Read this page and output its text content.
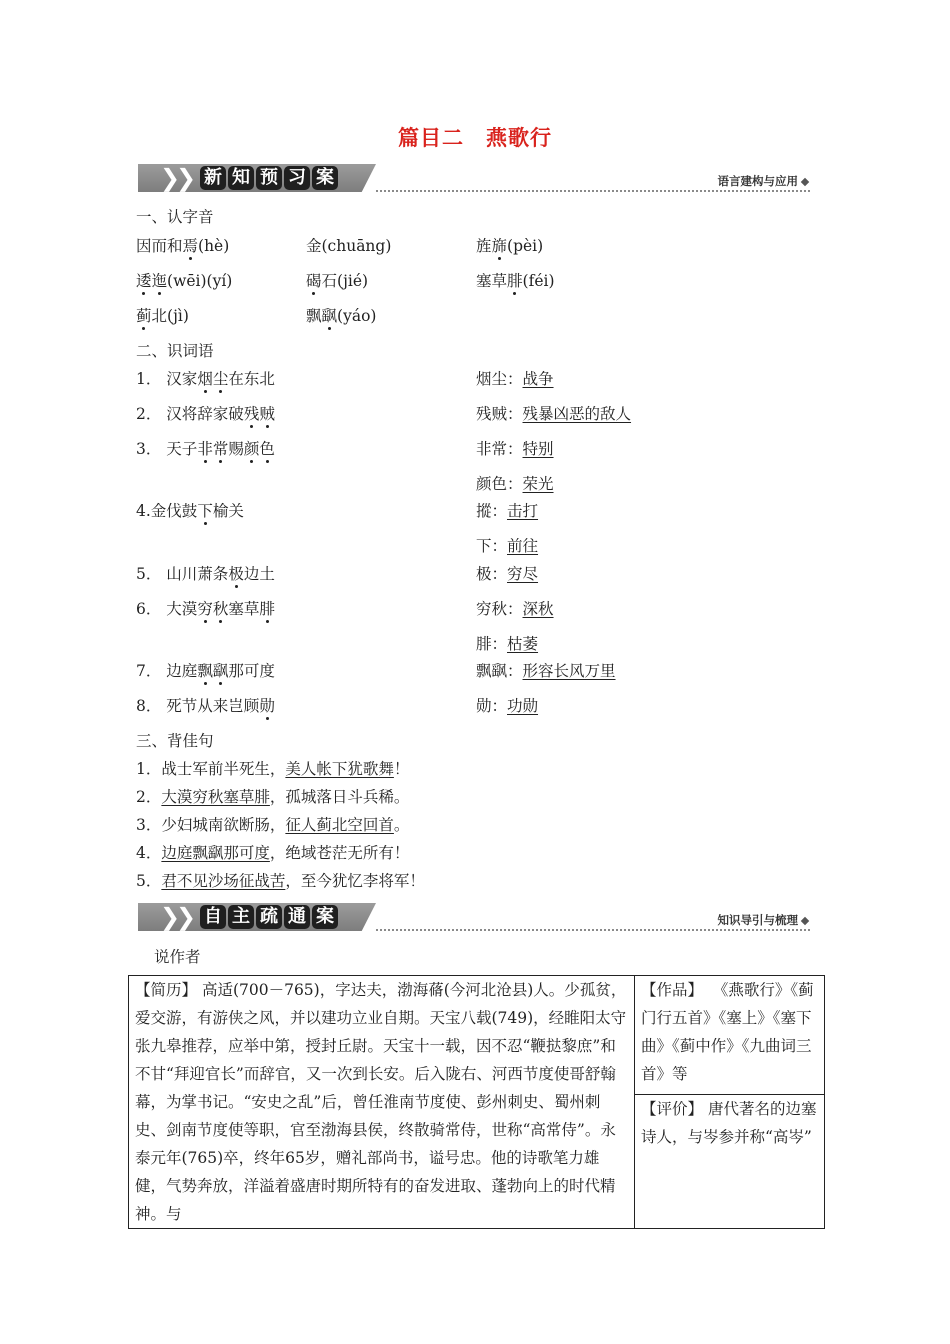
篇目二　燕歌行
❯
❯ 新 知 预 习 案	语言建构与应用
一、认字音
因而和焉(hè)	金(chuāng)	旌旆(pèi)
逶迤(wēi)(yí)	碣石(jié)	塞草腓(féi)
蓟北(jì)	飘飖(yáo)
二、识词语
1． 汉家烟尘在东北	烟尘：战争
2． 汉将辞家破残贼	残贼：残暴凶恶的敌人
3． 天子非常赐颜色	非常：特别
颜色：荣光
4.金伐鼓下榆关	摐：击打
下：前往
5． 山川萧条极边土	极：穷尽
6． 大漠穷秋塞草腓	穷秋：深秋
腓：枯萎
7． 边庭飘飖那可度	飘飖：形容长风万里
8． 死节从来岂顾勋	勋：功勋
三、背佳句
1．战士军前半死生，美人帐下犹歌舞！
2．大漠穷秋塞草腓，孤城落日斗兵稀。
3．少妇城南欲断肠，征人蓟北空回首。
4．边庭飘飖那可度，绝域苍茫无所有！
5．君不见沙场征战苦，至今犹忆李将军！
❯
❯ 自 主 疏 通 案	知识导引与梳理
说作者
【简历】 高适(700－765)，字达夫，渤海蓨(今河北沧县)人。少孤贫，爱交游，有游侠之风，并以建功立业自期。天宝八载(749)，经睢阳太守张九皋推荐，应举中第，授封丘尉。天宝十一载，因不忍“鞭挞黎庶”和不甘“拜迎官长”而辞官，又一次到长安。后入陇右、河西节度使哥舒翰幕，为掌书记。“安史之乱”后，曾任淮南节度使、彭州刺史、蜀州刺史、剑南节度使等职，官至渤海县侯，终散骑常侍，世称“高常侍”。永泰元年(765)卒，终年65岁，赠礼部尚书，谥号忠。他的诗歌笔力雄健，气势奔放，洋溢着盛唐时期所特有的奋发进取、蓬勃向上的时代精神。与	【作品】 《燕歌行》《蓟门行五首》《塞上》《塞下曲》《蓟中作》《九曲词三首》等
【评价】 唐代著名的边塞诗人，与岑参并称“高岑”
